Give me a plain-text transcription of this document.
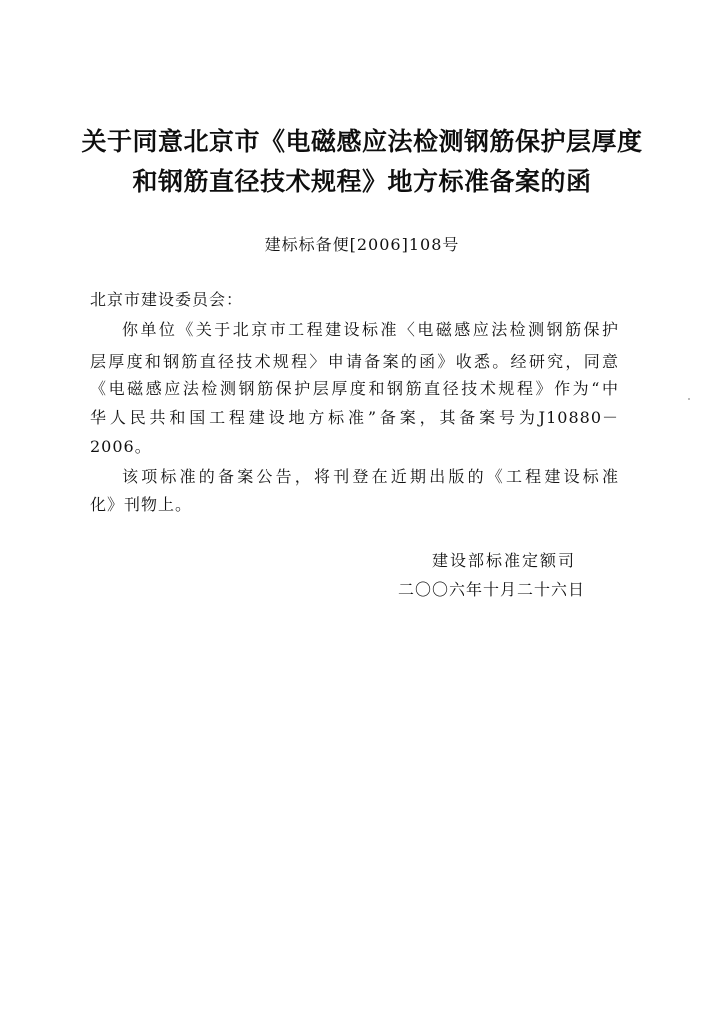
关于同意北京市《电磁感应法检测钢筋保护层厚度
和钢筋直径技术规程》地方标准备案的函
建标标备便[2006]108号
北京市建设委员会：
你单位《关于北京市工程建设标准〈电磁感应法检测钢筋保护
层厚度和钢筋直径技术规程〉申请备案的函》收悉。经研究，同意
《电磁感应法检测钢筋保护层厚度和钢筋直径技术规程》作为“中
华人民共和国工程建设地方标准”备案，其备案号为J10880－
2006。
该项标准的备案公告，将刊登在近期出版的《工程建设标准
化》刊物上。
建设部标准定额司
二〇〇六年十月二十六日
